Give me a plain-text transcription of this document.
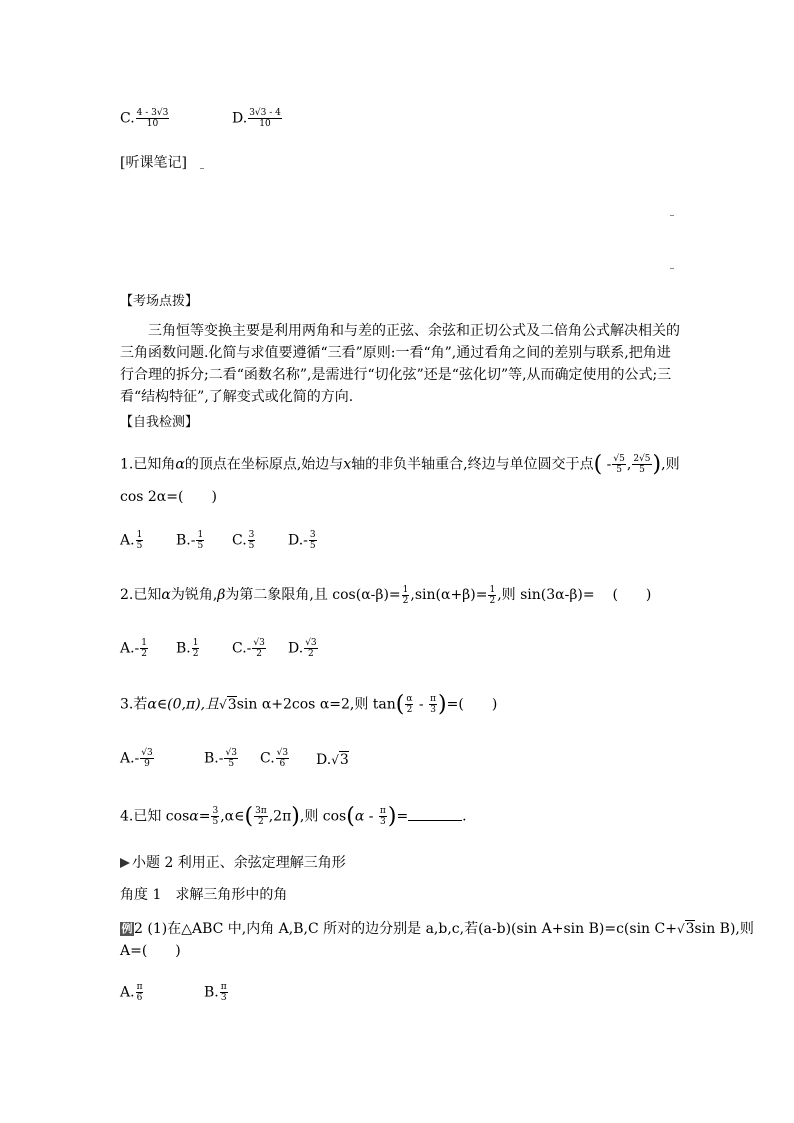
C. $\frac{4 - 3√3}{10}$	D. $\frac{3√3 - 4}{10}$
[听课笔记]
【考场点拨】
三角恒等变换主要是利用两角和与差的正弦、余弦和正切公式及二倍角公式解决相关的三角函数问题.化简与求值要遵循“三看”原则:一看“角”,通过看角之间的差别与联系,把角进行合理的拆分;二看“函数名称”,是需进行“切化弦”还是“弦化切”等,从而确定使用的公式;三看“结构特征”,了解变式或化简的方向.
【自我检测】
1.已知角α的顶点在坐标原点,始边与x轴的非负半轴重合,终边与单位圆交于点( - $\frac{√5}{5}$ , $\frac{2√5}{5}$ ),则
cos 2α=(　　)
A. $\frac{1}{5} B.- \frac{1}{5} C$. $\frac{3}{5} D.- \frac{3}{5}$
2.已知α为锐角,β为第二象限角,且 $\cos(\alpha-\beta)= \frac{1}{2} ,\sin(\alpha+\beta)= \frac{1}{2}$ ,则 sin(3α-β)= (　　)
$A.- \frac{1}{2} B$. $\frac{1}{2} C.- \frac{√3}{2} D$. $\frac{√3}{2}$
3.若α∈(0,π),且√3sin α+2cos α=2,则 $\tan( \frac{\alpha}{2} - \frac{\pi}{3}$ )=(　　)
$A.- \frac{√3}{9}$	$B.- \frac{√3}{5} C$. $\frac{√3}{6} D.√3$
4.已知 $\cos\alpha= \frac{3}{5}$ ,α∈( $\frac{3\pi}{2} ,2\pi$),则 $\cos(\alpha - \frac{\pi}{3}$ )=	.
小题 2 利用正、余弦定理解三角形
角度 1　求解三角形中的角
例 2 (1)在△ABC 中,内角 A,B,C 所对的边分别是 a,b,c,若(a-b)(sin A+sin B)=c(sin C+√3sin B),则
A=(　　)
A. $\frac{\pi}{6}$	B. $\frac{\pi}{3}$
